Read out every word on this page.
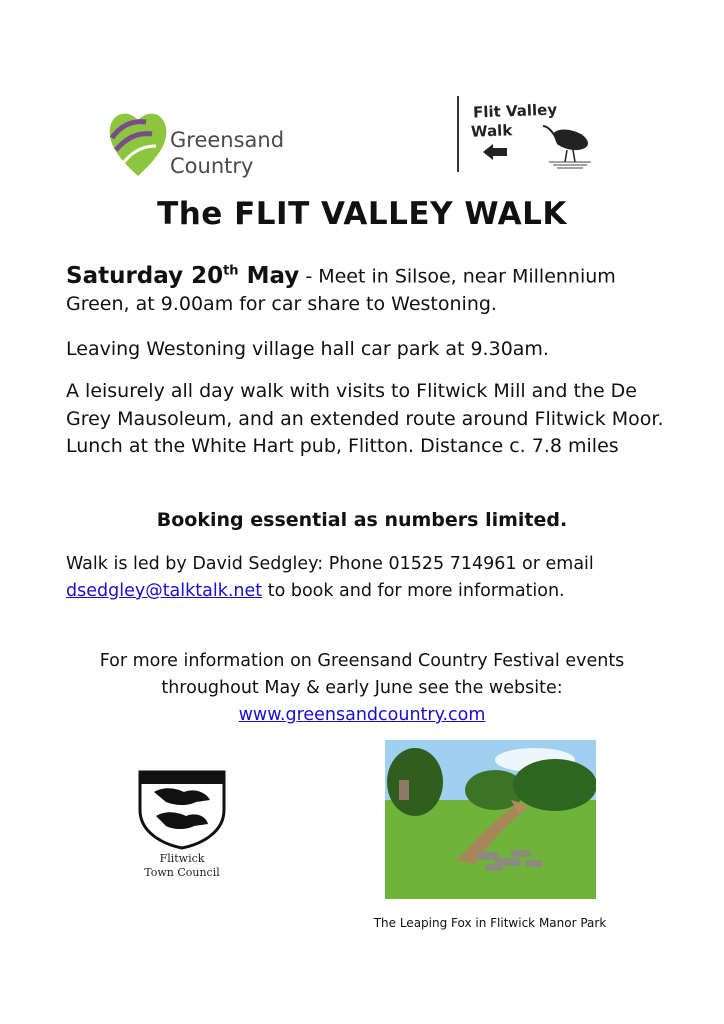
Greensand
Country
Flit Valley
Walk
The FLIT VALLEY WALK
Saturday 20th May - Meet in Silsoe, near Millennium Green, at 9.00am for car share to Westoning.
Leaving Westoning village hall car park at 9.30am.
A leisurely all day walk with visits to Flitwick Mill and the De Grey Mausoleum, and an extended route around Flitwick Moor. Lunch at the White Hart pub, Flitton. Distance c. 7.8 miles
Booking essential as numbers limited.
Walk is led by David Sedgley: Phone 01525 714961 or email dsedgley@talktalk.net to book and for more information.
For more information on Greensand Country Festival events
throughout May & early June see the website:
www.greensandcountry.com
Flitwick
Town Council
The Leaping Fox in Flitwick Manor Park
